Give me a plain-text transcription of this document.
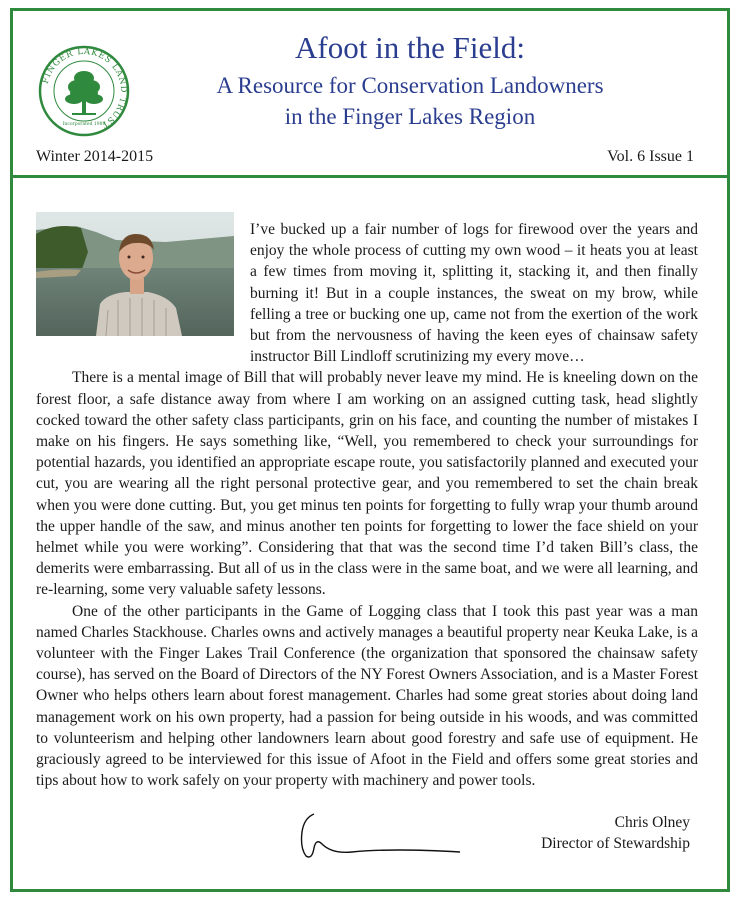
FINGER LAKES LAND TRUST
Incorporated 1989
Afoot in the Field:
A Resource for Conservation Landowners
in the Finger Lakes Region
Winter 2014-2015	Vol. 6 Issue 1

I’ve bucked up a fair number of logs for firewood over the years and enjoy the whole process of cutting my own wood – it heats you at least a few times from moving it, splitting it, stacking it, and then finally burning it! But in a couple instances, the sweat on my brow, while felling a tree or bucking one up, came not from the exertion of the work but from the nervousness of having the keen eyes of chainsaw safety instructor Bill Lindloff scrutinizing my every move…

There is a mental image of Bill that will probably never leave my mind. He is kneeling down on the forest floor, a safe distance away from where I am working on an assigned cutting task, head slightly cocked toward the other safety class participants, grin on his face, and counting the number of mistakes I make on his fingers. He says something like, “Well, you remembered to check your surroundings for potential hazards, you identified an appropriate escape route, you satisfactorily planned and executed your cut, you are wearing all the right personal protective gear, and you remembered to set the chain break when you were done cutting. But, you get minus ten points for forgetting to fully wrap your thumb around the upper handle of the saw, and minus another ten points for forgetting to lower the face shield on your helmet while you were working”. Considering that that was the second time I’d taken Bill’s class, the demerits were embarrassing. But all of us in the class were in the same boat, and we were all learning, and re-learning, some very valuable safety lessons.

One of the other participants in the Game of Logging class that I took this past year was a man named Charles Stackhouse. Charles owns and actively manages a beautiful property near Keuka Lake, is a volunteer with the Finger Lakes Trail Conference (the organization that sponsored the chainsaw safety course), has served on the Board of Directors of the NY Forest Owners Association, and is a Master Forest Owner who helps others learn about forest management. Charles had some great stories about doing land management work on his own property, had a passion for being outside in his woods, and was committed to volunteerism and helping other landowners learn about good forestry and safe use of equipment. He graciously agreed to be interviewed for this issue of Afoot in the Field and offers some great stories and tips about how to work safely on your property with machinery and power tools.

Chris Olney
Director of Stewardship
